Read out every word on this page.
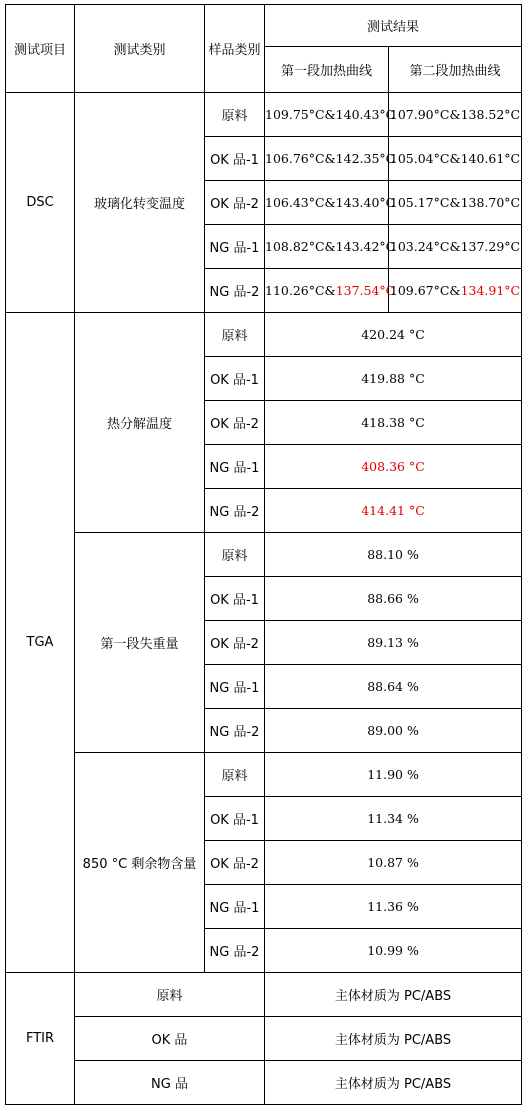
测试项目	测试类别	样品类别	测试结果	
			第一段加热曲线	第二段加热曲线
DSC	玻璃化转变温度	原料	109.75°C&140.43°C	107.90°C&138.52°C
		OK 品-1	106.76°C&142.35°C	105.04°C&140.61°C
		OK 品-2	106.43°C&143.40°C	105.17°C&138.70°C
		NG 品-1	108.82°C&143.42°C	103.24°C&137.29°C
		NG 品-2	110.26°C&137.54°C	109.67°C&134.91°C
TGA	热分解温度	原料	420.24 °C	
		OK 品-1	419.88 °C	
		OK 品-2	418.38 °C	
		NG 品-1	408.36 °C	
		NG 品-2	414.41 °C	
	第一段失重量	原料	88.10 %	
		OK 品-1	88.66 %	
		OK 品-2	89.13 %	
		NG 品-1	88.64 %	
		NG 品-2	89.00 %	
	850 °C 剩余物含量	原料	11.90 %	
		OK 品-1	11.34 %	
		OK 品-2	10.87 %	
		NG 品-1	11.36 %	
		NG 品-2	10.99 %	
FTIR	原料		主体材质为 PC/ABS	
	OK 品		主体材质为 PC/ABS	
	NG 品		主体材质为 PC/ABS	
